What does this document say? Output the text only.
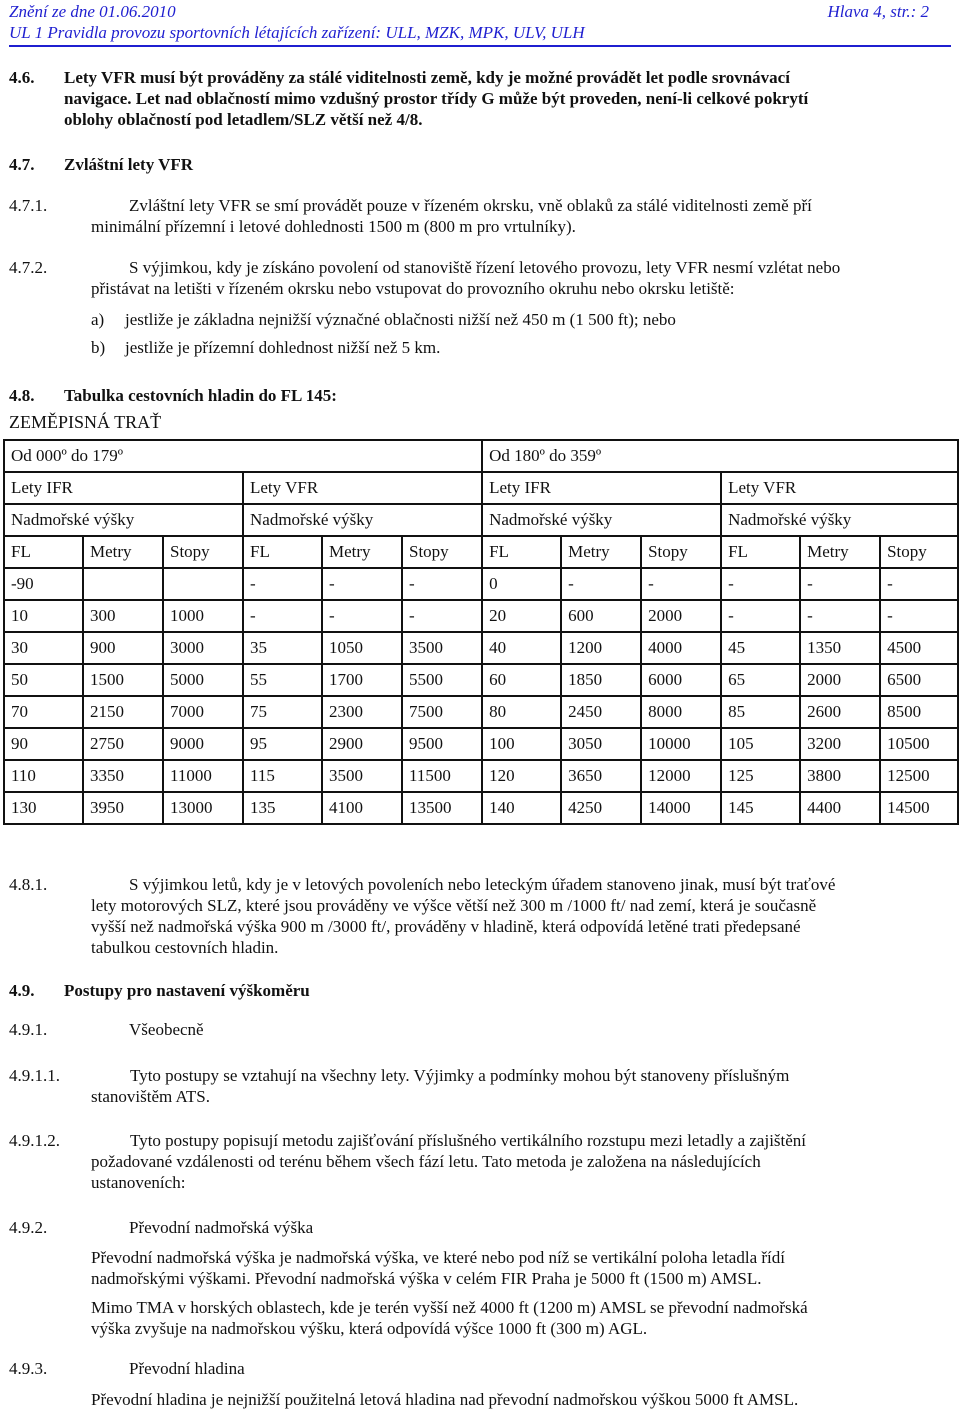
Znění ze dne 01.06.2010	Hlava 4, str.: 2
UL 1 Pravidla provozu sportovních létajících zařízení: ULL, MZK, MPK, ULV, ULH
4.6. Lety VFR musí být prováděny za stálé viditelnosti země, kdy je možné provádět let podle srovnávací
navigace. Let nad oblačností mimo vzdušný prostor třídy G může být proveden, není-li celkové pokrytí
oblohy oblačností pod letadlem/SLZ větší než 4/8.
4.7. Zvláštní lety VFR
4.7.1.	Zvláštní lety VFR se smí provádět pouze v řízeném okrsku, vně oblaků za stálé viditelnosti země pří
minimální přízemní i letové dohlednosti 1500 m (800 m pro vrtulníky).
4.7.2.	S výjimkou, kdy je získáno povolení od stanoviště řízení letového provozu, lety VFR nesmí vzlétat nebo
přistávat na letišti v řízeném okrsku nebo vstupovat do provozního okruhu nebo okrsku letiště:
a) jestliže je základna nejnižší význačné oblačnosti nižší než 450 m (1 500 ft); nebo
b) jestliže je přízemní dohlednost nižší než 5 km.
4.8. Tabulka cestovních hladin do FL 145:
ZEMĚPISNÁ TRAŤ
Od 000º do 179º						Od 180º do 359º					
Lety IFR			Lety VFR			Lety IFR			Lety VFR		
Nadmořské výšky			Nadmořské výšky			Nadmořské výšky			Nadmořské výšky		
FL	Metry	Stopy	FL	Metry	Stopy	FL	Metry	Stopy	FL	Metry	Stopy
-90			-	-	-	0	-	-	-	-	-
10	300	1000	-	-	-	20	600	2000	-	-	-
30	900	3000	35	1050	3500	40	1200	4000	45	1350	4500
50	1500	5000	55	1700	5500	60	1850	6000	65	2000	6500
70	2150	7000	75	2300	7500	80	2450	8000	85	2600	8500
90	2750	9000	95	2900	9500	100	3050	10000	105	3200	10500
110	3350	11000	115	3500	11500	120	3650	12000	125	3800	12500
130	3950	13000	135	4100	13500	140	4250	14000	145	4400	14500
4.8.1.	S výjimkou letů, kdy je v letových povoleních nebo leteckým úřadem stanoveno jinak, musí být traťové
lety motorových SLZ, které jsou prováděny ve výšce větší než 300 m /1000 ft/ nad zemí, která je současně
vyšší než nadmořská výška 900 m /3000 ft/, prováděny v hladině, která odpovídá letěné trati předepsané
tabulkou cestovních hladin.
4.9. Postupy pro nastavení výškoměru
4.9.1.	Všeobecně
4.9.1.1.	Tyto postupy se vztahují na všechny lety. Výjimky a podmínky mohou být stanoveny příslušným
stanovištěm ATS.
4.9.1.2.	Tyto postupy popisují metodu zajišťování příslušného vertikálního rozstupu mezi letadly a zajištění
požadované vzdálenosti od terénu během všech fází letu. Tato metoda je založena na následujících
ustanoveních:
4.9.2.	Převodní nadmořská výška
Převodní nadmořská výška je nadmořská výška, ve které nebo pod níž se vertikální poloha letadla řídí
nadmořskými výškami. Převodní nadmořská výška v celém FIR Praha je 5000 ft (1500 m) AMSL.
Mimo TMA v horských oblastech, kde je terén vyšší než 4000 ft (1200 m) AMSL se převodní nadmořská
výška zvyšuje na nadmořskou výšku, která odpovídá výšce 1000 ft (300 m) AGL.
4.9.3.	Převodní hladina
Převodní hladina je nejnižší použitelná letová hladina nad převodní nadmořskou výškou 5000 ft AMSL.
